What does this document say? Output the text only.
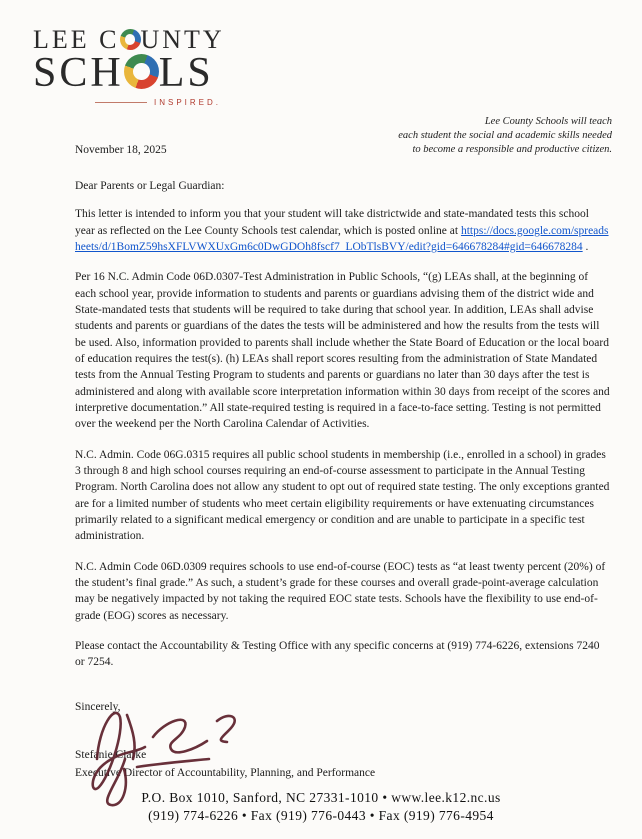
LEE C UNTY
SCH LS
INSPIRED.
Lee County Schools will teach
each student the social and academic skills needed
to become a responsible and productive citizen.
November 18, 2025
Dear Parents or Legal Guardian:

This letter is intended to inform you that your student will take districtwide and state-mandated tests this school year as reflected on the Lee County Schools test calendar, which is posted online at https://docs.google.com/spreadsheets/d/1BomZ59hsXFLVWXUxGm6c0DwGDOh8fscf7_LObTlsBVY/edit?gid=646678284#gid=646678284 .

Per 16 N.C. Admin Code 06D.0307-Test Administration in Public Schools, “(g) LEAs shall, at the beginning of each school year, provide information to students and parents or guardians advising them of the district wide and State-mandated tests that students will be required to take during that school year. In addition, LEAs shall advise students and parents or guardians of the dates the tests will be administered and how the results from the tests will be used. Also, information provided to parents shall include whether the State Board of Education or the local board of education requires the test(s). (h) LEAs shall report scores resulting from the administration of State Mandated tests from the Annual Testing Program to students and parents or guardians no later than 30 days after the test is administered and along with available score interpretation information within 30 days from receipt of the scores and interpretive documentation.” All state-required testing is required in a face-to-face setting. Testing is not permitted over the weekend per the North Carolina Calendar of Activities.

N.C. Admin. Code 06G.0315 requires all public school students in membership (i.e., enrolled in a school) in grades 3 through 8 and high school courses requiring an end-of-course assessment to participate in the Annual Testing Program. North Carolina does not allow any student to opt out of required state testing. The only exceptions granted are for a limited number of students who meet certain eligibility requirements or have extenuating circumstances primarily related to a significant medical emergency or condition and are unable to participate in a specific test administration.

N.C. Admin Code 06D.0309 requires schools to use end-of-course (EOC) tests as “at least twenty percent (20%) of the student’s final grade.” As such, a student’s grade for these courses and overall grade-point-average calculation may be negatively impacted by not taking the required EOC state tests. Schools have the flexibility to use end-of-grade (EOG) scores as necessary.

Please contact the Accountability & Testing Office with any specific concerns at (919) 774-6226, extensions 7240 or 7254.

Sincerely,
Stefanie Clarke
Executive Director of Accountability, Planning, and Performance
P.O. Box 1010, Sanford, NC 27331-1010 • www.lee.k12.nc.us
(919) 774-6226 • Fax (919) 776-0443 • Fax (919) 776-4954
